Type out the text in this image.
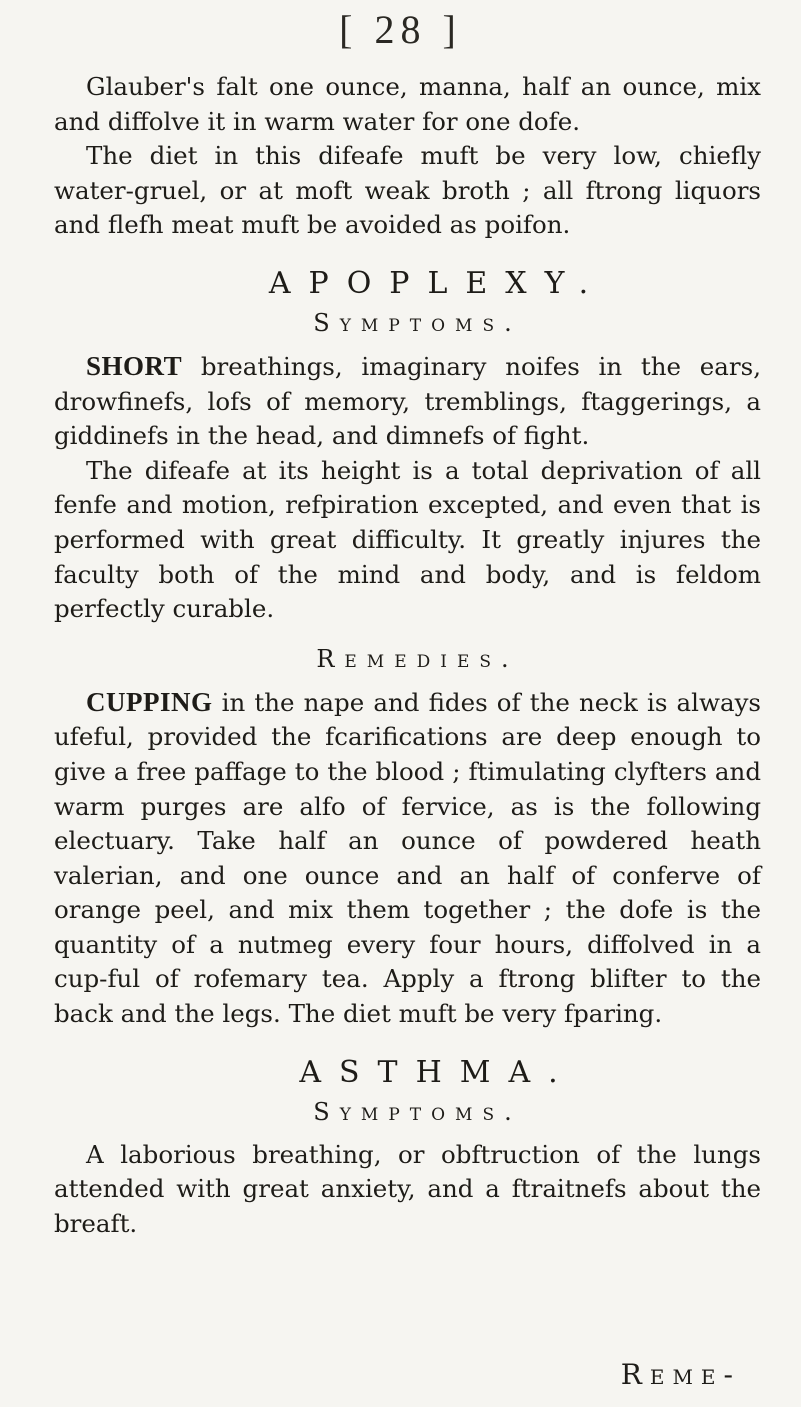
[ 28 ]

Glauber's falt one ounce, manna, half an ounce, mix and diffolve it in warm water for one dofe.

The diet in this difeafe muft be very low, chiefly water-gruel, or at moft weak broth ; all ftrong liquors and flefh meat muft be avoided as poifon.

APOPLEXY.
Symptoms.

SHORT breathings, imaginary noifes in the ears, drowfinefs, lofs of memory, tremblings, ftaggerings, a giddinefs in the head, and dimnefs of fight.

The difeafe at its height is a total deprivation of all fenfe and motion, refpiration excepted, and even that is performed with great difficulty. It greatly injures the faculty both of the mind and body, and is feldom perfectly curable.

Remedies.

CUPPING in the nape and fides of the neck is always ufeful, provided the fcarifications are deep enough to give a free paffage to the blood ; ftimulating clyfters and warm purges are alfo of fervice, as is the following electuary. Take half an ounce of powdered heath valerian, and one ounce and an half of conferve of orange peel, and mix them together ; the dofe is the quantity of a nutmeg every four hours, diffolved in a cup-ful of rofemary tea. Apply a ftrong blifter to the back and the legs. The diet muft be very fparing.

ASTHMA.
Symptoms.

A laborious breathing, or obftruction of the lungs attended with great anxiety, and a ftraitnefs about the breaft.

Reme-
